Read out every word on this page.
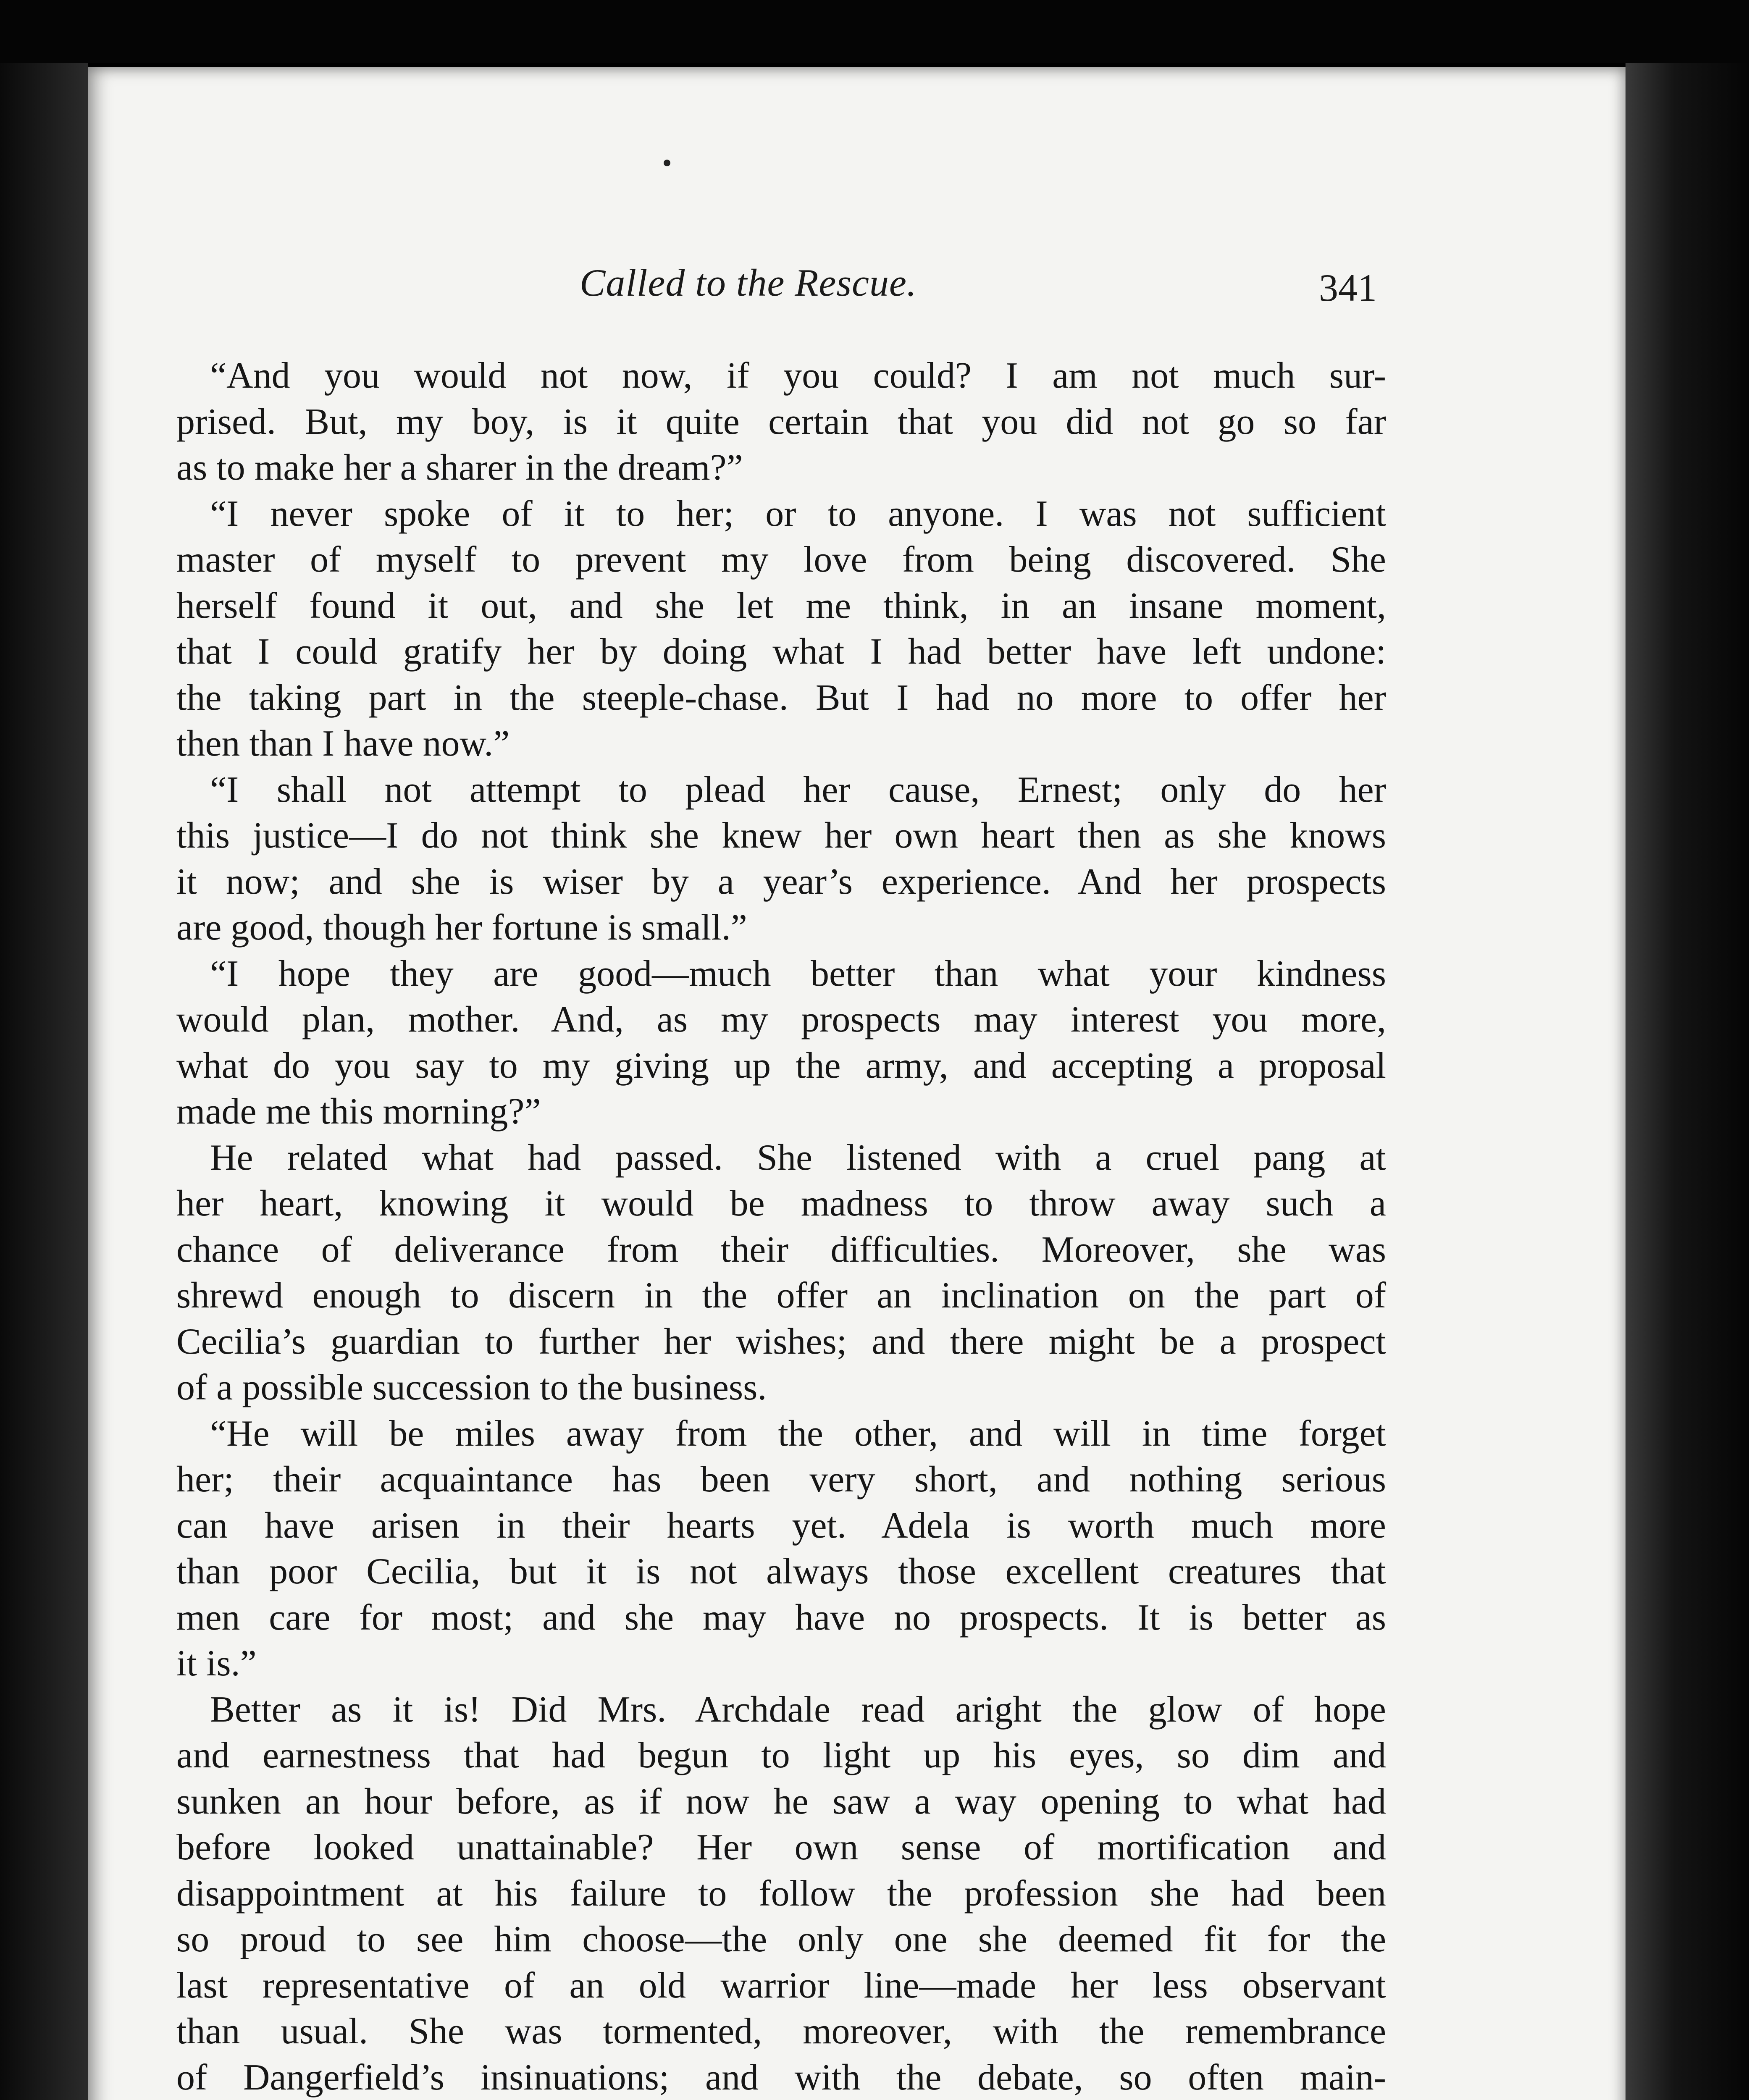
Called to the Rescue.	341
“And you would not now, if you could? I am not much sur-
prised. But, my boy, is it quite certain that you did not go so far
as to make her a sharer in the dream?”
“I never spoke of it to her; or to anyone. I was not sufficient
master of myself to prevent my love from being discovered. She
herself found it out, and she let me think, in an insane moment,
that I could gratify her by doing what I had better have left undone:
the taking part in the steeple-chase. But I had no more to offer her
then than I have now.”
“I shall not attempt to plead her cause, Ernest; only do her
this justice—I do not think she knew her own heart then as she knows
it now; and she is wiser by a year’s experience. And her prospects
are good, though her fortune is small.”
“I hope they are good—much better than what your kindness
would plan, mother. And, as my prospects may interest you more,
what do you say to my giving up the army, and accepting a proposal
made me this morning?”
He related what had passed. She listened with a cruel pang at
her heart, knowing it would be madness to throw away such a
chance of deliverance from their difficulties. Moreover, she was
shrewd enough to discern in the offer an inclination on the part of
Cecilia’s guardian to further her wishes; and there might be a prospect
of a possible succession to the business.
“He will be miles away from the other, and will in time forget
her; their acquaintance has been very short, and nothing serious
can have arisen in their hearts yet. Adela is worth much more
than poor Cecilia, but it is not always those excellent creatures that
men care for most; and she may have no prospects. It is better as
it is.”
Better as it is! Did Mrs. Archdale read aright the glow of hope
and earnestness that had begun to light up his eyes, so dim and
sunken an hour before, as if now he saw a way opening to what had
before looked unattainable? Her own sense of mortification and
disappointment at his failure to follow the profession she had been
so proud to see him choose—the only one she deemed fit for the
last representative of an old warrior line—made her less observant
than usual. She was tormented, moreover, with the remembrance
of Dangerfield’s insinuations; and with the debate, so often main-
